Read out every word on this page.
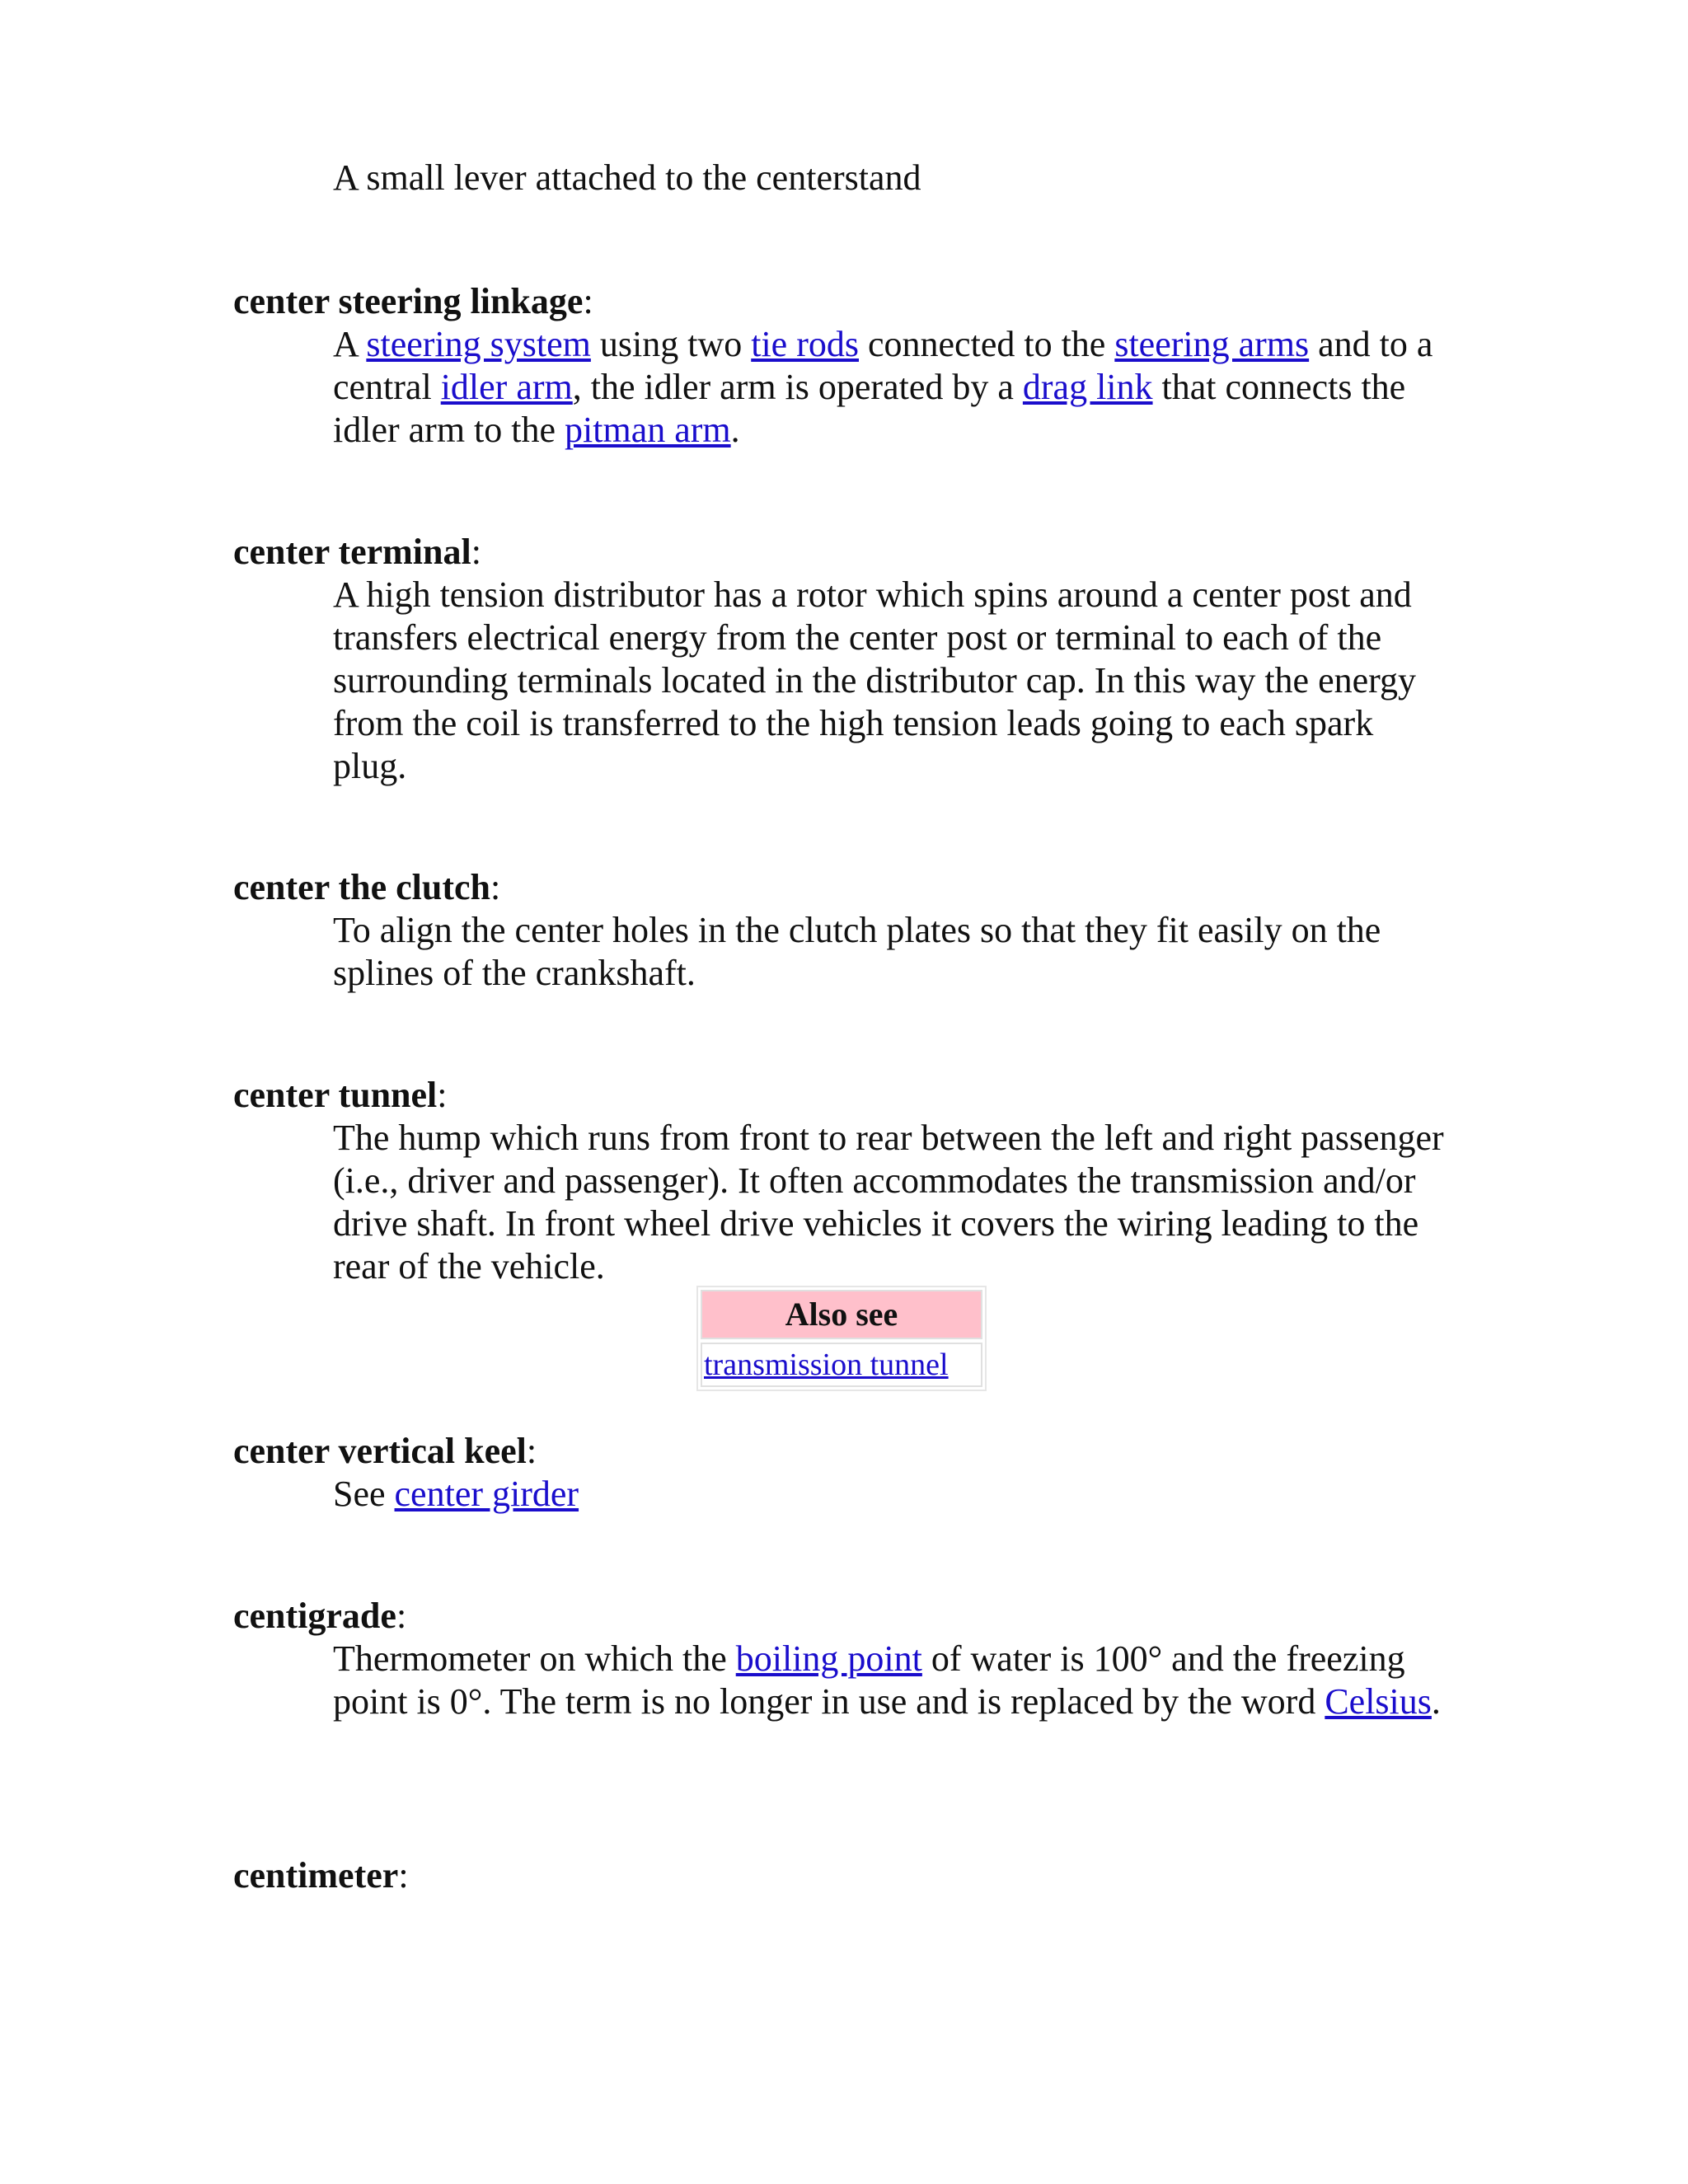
A small lever attached to the centerstand

center steering linkage:

A steering system using two tie rods connected to the steering arms and to a central idler arm, the idler arm is operated by a drag link that connects the idler arm to the pitman arm.

center terminal:

A high tension distributor has a rotor which spins around a center post and transfers electrical energy from the center post or terminal to each of the surrounding terminals located in the distributor cap. In this way the energy from the coil is transferred to the high tension leads going to each spark plug.

center the clutch:

To align the center holes in the clutch plates so that they fit easily on the splines of the crankshaft.

center tunnel:

The hump which runs from front to rear between the left and right passenger (i.e., driver and passenger). It often accommodates the transmission and/or drive shaft. In front wheel drive vehicles it covers the wiring leading to the rear of the vehicle.

Also see
transmission tunnel

center vertical keel:

See center girder

centigrade:

Thermometer on which the boiling point of water is 100° and the freezing point is 0°. The term is no longer in use and is replaced by the word Celsius.

centimeter:
